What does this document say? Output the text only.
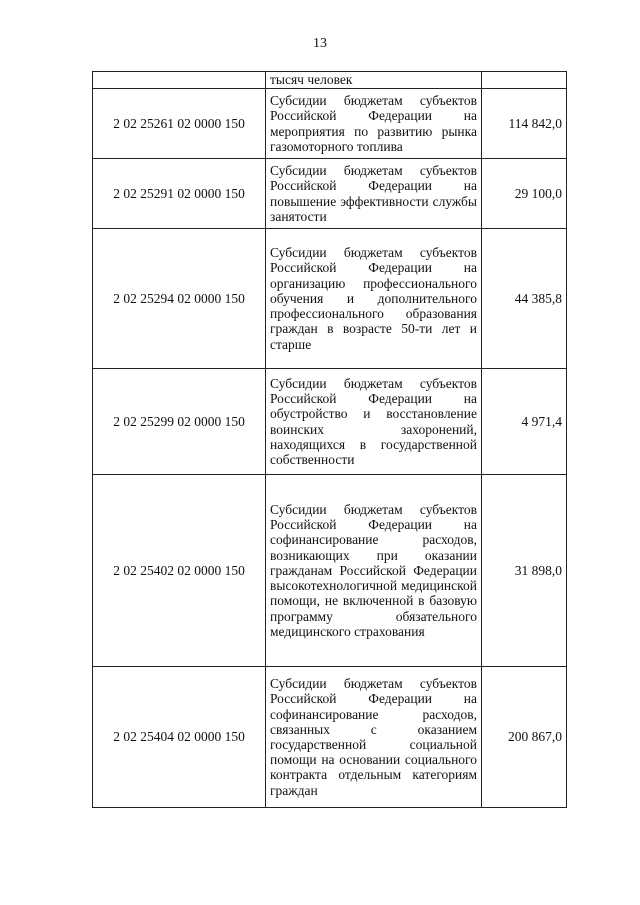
13
	тысяч человек	
2 02 25261 02 0000 150	Субсидии бюджетам субъектов Российской Федерации на мероприятия по развитию рынка газомоторного топлива	114 842,0
2 02 25291 02 0000 150	Субсидии бюджетам субъектов Российской Федерации на повышение эффективности службы занятости	29 100,0
2 02 25294 02 0000 150	Субсидии бюджетам субъектов Российской Федерации на организацию профессионального обучения и дополнительного профессионального образования граждан в возрасте 50-ти лет и старше	44 385,8
2 02 25299 02 0000 150	Субсидии бюджетам субъектов Российской Федерации на обустройство и восстановление воинских захоронений, находящихся в государственной собственности	4 971,4
2 02 25402 02 0000 150	Субсидии бюджетам субъектов Российской Федерации на софинансирование расходов, возникающих при оказании гражданам Российской Федерации высокотехнологичной медицинской помощи, не включенной в базовую программу обязательного медицинского страхования	31 898,0
2 02 25404 02 0000 150	Субсидии бюджетам субъектов Российской Федерации на софинансирование расходов, связанных с оказанием государственной социальной помощи на основании социального контракта отдельным категориям граждан	200 867,0
